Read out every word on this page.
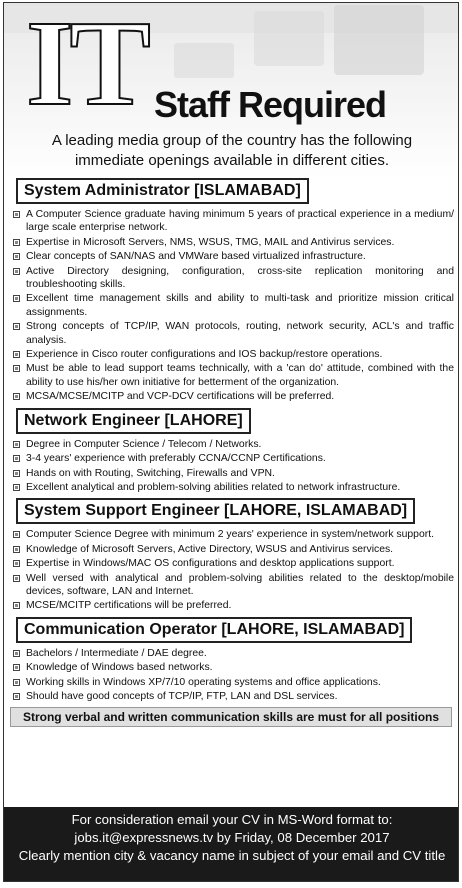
IT Staff Required
A leading media group of the country has the following
immediate openings available in different cities.
System Administrator [ISLAMABAD]
A Computer Science graduate having minimum 5 years of practical experience in a medium/ large scale enterprise network.
Expertise in Microsoft Servers, NMS, WSUS, TMG, MAIL and Antivirus services.
Clear concepts of SAN/NAS and VMWare based virtualized infrastructure.
Active Directory designing, configuration, cross-site replication monitoring and troubleshooting skills.
Excellent time management skills and ability to multi-task and prioritize mission critical assignments.
Strong concepts of TCP/IP, WAN protocols, routing, network security, ACL's and traffic analysis.
Experience in Cisco router configurations and IOS backup/restore operations.
Must be able to lead support teams technically, with a 'can do' attitude, combined with the ability to use his/her own initiative for betterment of the organization.
MCSA/MCSE/MCITP and VCP-DCV certifications will be preferred.
Network Engineer [LAHORE]
Degree in Computer Science / Telecom / Networks.
3-4 years' experience with preferably CCNA/CCNP Certifications.
Hands on with Routing, Switching, Firewalls and VPN.
Excellent analytical and problem-solving abilities related to network infrastructure.
System Support Engineer [LAHORE, ISLAMABAD]
Computer Science Degree with minimum 2 years' experience in system/network support.
Knowledge of Microsoft Servers, Active Directory, WSUS and Antivirus services.
Expertise in Windows/MAC OS configurations and desktop applications support.
Well versed with analytical and problem-solving abilities related to the desktop/mobile devices, software, LAN and Internet.
MCSE/MCITP certifications will be preferred.
Communication Operator [LAHORE, ISLAMABAD]
Bachelors / Intermediate / DAE degree.
Knowledge of Windows based networks.
Working skills in Windows XP/7/10 operating systems and office applications.
Should have good concepts of TCP/IP, FTP, LAN and DSL services.
Strong verbal and written communication skills are must for all positions
For consideration email your CV in MS-Word format to:
jobs.it@expressnews.tv by Friday, 08 December 2017
Clearly mention city & vacancy name in subject of your email and CV title
